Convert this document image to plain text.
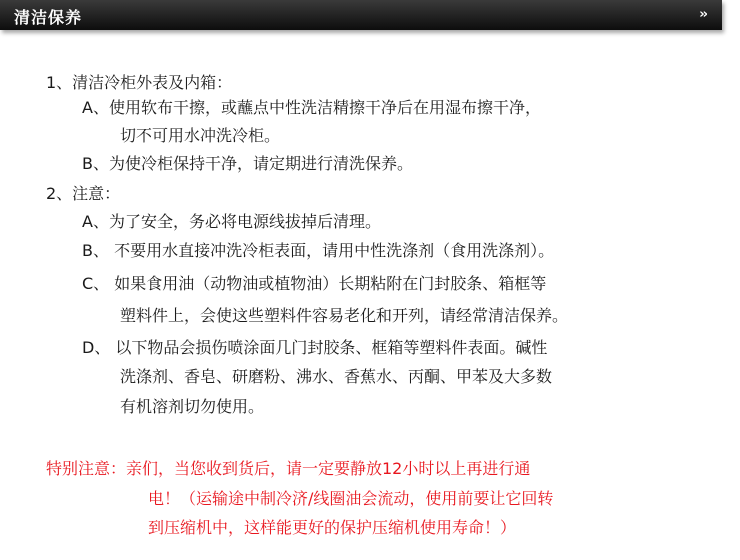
清洁保养	››
1、清洁冷柜外表及内箱：
A、使用软布干擦，或蘸点中性洗洁精擦干净后在用湿布擦干净，
切不可用水冲洗冷柜。
B、为使冷柜保持干净，请定期进行清洗保养。
2、注意：
A、为了安全，务必将电源线拔掉后清理。
B、 不要用水直接冲洗冷柜表面，请用中性洗涤剂（食用洗涤剂）。
C、 如果食用油（动物油或植物油）长期粘附在门封胶条、箱框等
塑料件上，会使这些塑料件容易老化和开列，请经常清洁保养。
D、 以下物品会损伤喷涂面几门封胶条、框箱等塑料件表面。碱性
洗涤剂、香皂、研磨粉、沸水、香蕉水、丙酮、甲苯及大多数
有机溶剂切勿使用。
特别注意：亲们，当您收到货后，请一定要静放12小时以上再进行通
电！（运输途中制冷济/线圈油会流动，使用前要让它回转
到压缩机中，这样能更好的保护压缩机使用寿命！）
